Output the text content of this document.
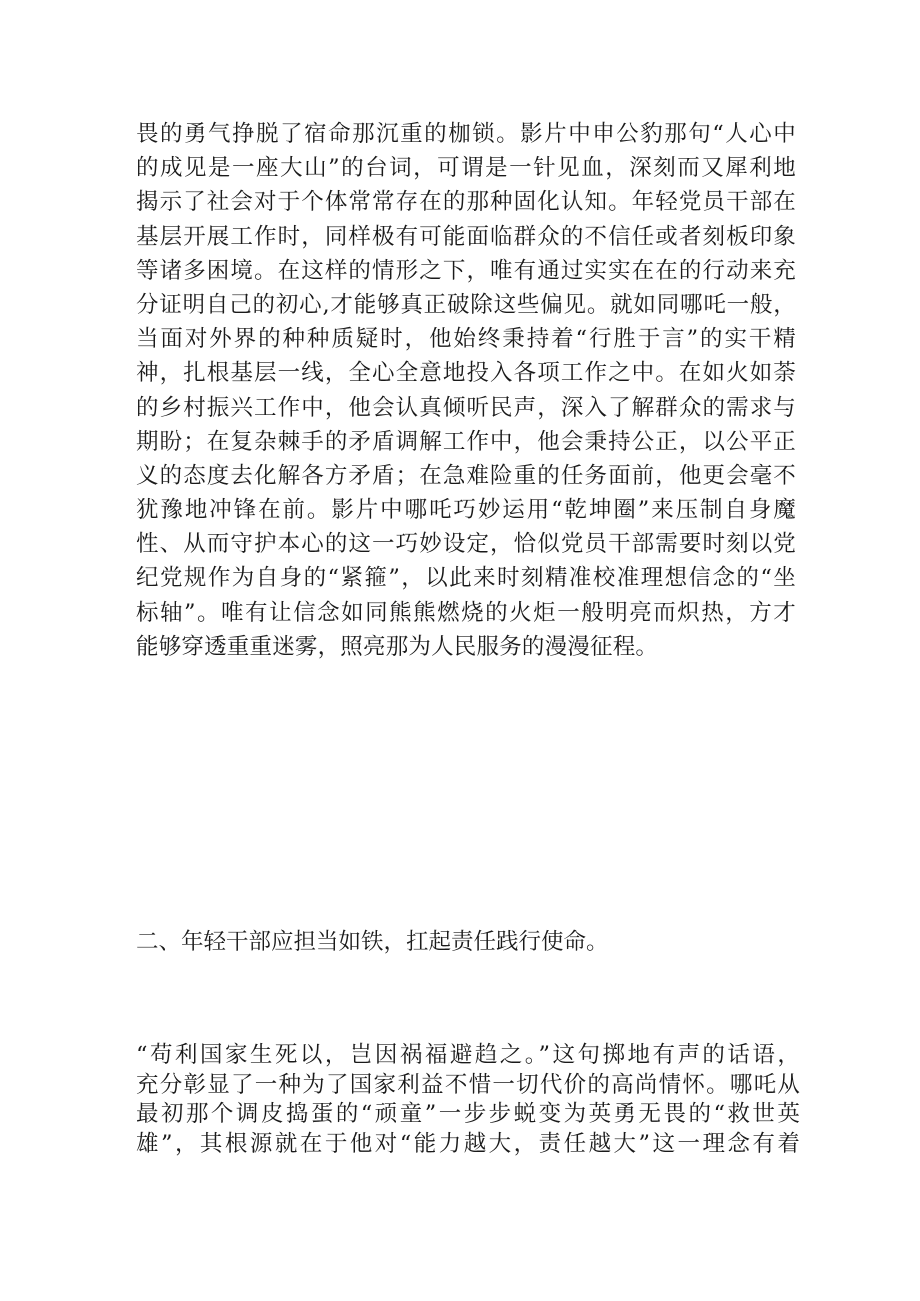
畏的勇气挣脱了宿命那沉重的枷锁。影片中申公豹那句“人心中
的成见是一座大山”的台词，可谓是一针见血，深刻而又犀利地
揭示了社会对于个体常常存在的那种固化认知。年轻党员干部在
基层开展工作时，同样极有可能面临群众的不信任或者刻板印象
等诸多困境。在这样的情形之下，唯有通过实实在在的行动来充
分证明自己的初心,才能够真正破除这些偏见。就如同哪吒一般，
当面对外界的种种质疑时，他始终秉持着“行胜于言”的实干精
神，扎根基层一线，全心全意地投入各项工作之中。在如火如荼
的乡村振兴工作中，他会认真倾听民声，深入了解群众的需求与
期盼；在复杂棘手的矛盾调解工作中，他会秉持公正，以公平正
义的态度去化解各方矛盾；在急难险重的任务面前，他更会毫不
犹豫地冲锋在前。影片中哪吒巧妙运用“乾坤圈”来压制自身魔
性、从而守护本心的这一巧妙设定，恰似党员干部需要时刻以党
纪党规作为自身的“紧箍”，以此来时刻精准校准理想信念的“坐
标轴”。唯有让信念如同熊熊燃烧的火炬一般明亮而炽热，方才
能够穿透重重迷雾，照亮那为人民服务的漫漫征程。

二、年轻干部应担当如铁，扛起责任践行使命。

“苟利国家生死以，岂因祸福避趋之。”这句掷地有声的话语，
充分彰显了一种为了国家利益不惜一切代价的高尚情怀。哪吒从
最初那个调皮捣蛋的“顽童”一步步蜕变为英勇无畏的“救世英
雄”，其根源就在于他对“能力越大，责任越大”这一理念有着
